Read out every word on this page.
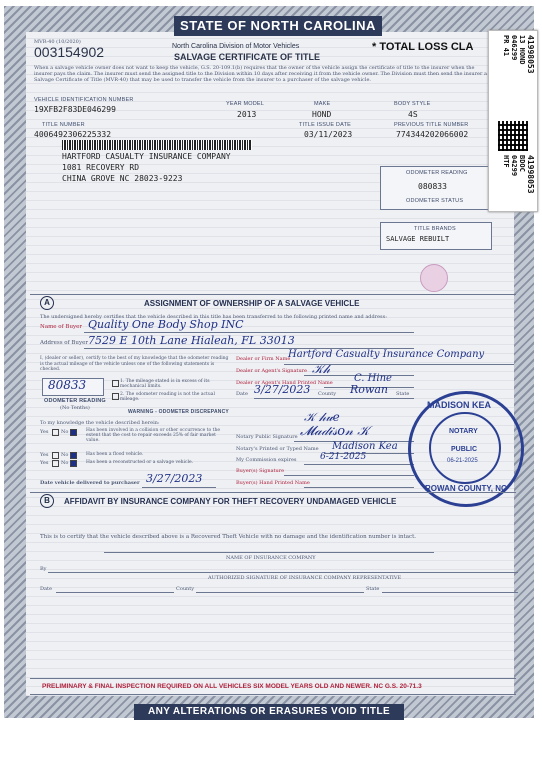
STATE OF NORTH CAROLINA
MVR-40 (10/2020)
003154902	North Carolina Division of Motor Vehicles
SALVAGE CERTIFICATE OF TITLE
* TOTAL LOSS CLA
When a salvage vehicle owner does not want to keep the vehicle, G.S. 20-109.1(b) requires that the owner of the vehicle assign the certificate of title to the insurer when the insurer pays the claim. The insurer must send the assigned title to the Division within 10 days after receiving it from the vehicle owner. The Division must then send the insurer a Salvage Certificate of Title (MVR-40) that may be used to transfer the vehicle from the insurer to a purchaser of the salvage vehicle.
VEHICLE IDENTIFICATION NUMBER
19XFB2F83DE046299
YEAR MODEL
2013
MAKE
HOND
BODY STYLE
4S
TITLE NUMBER
4006492306225332
TITLE ISSUE DATE
03/11/2023
PREVIOUS TITLE NUMBER
774344202066002
HARTFORD CASUALTY INSURANCE COMPANY
1081 RECOVERY RD
CHINA GROVE NC 28023-9223
ODOMETER READING
080833
ODOMETER STATUS
TITLE BRANDS
SALVAGE REBUILT
A	ASSIGNMENT OF OWNERSHIP OF A SALVAGE VEHICLE
The undersigned hereby certifies that the vehicle described in this title has been transferred to the following printed name and address:
Name of Buyer Quality One Body Shop INC
Address of Buyer 7529 E 10th Lane Hialeah, FL 33013
I, (dealer or seller), certify to the best of my knowledge that the odometer reading is the actual mileage of the vehicle unless one of the following statements is checked.
80833
ODOMETER READING
(No Tenths)
1. The mileage stated is in excess of its mechanical limits.
2. The odometer reading is not the actual mileage.
WARNING - ODOMETER DISCREPANCY
To my knowledge the vehicle described herein:
Yes	No	Has been involved in a collision or other occurrence to the extent that the cost to repair exceeds 25% of fair market value.
Yes	No	Has been a flood vehicle.
Yes	No	Has been a reconstructed or a salvage vehicle.
Dealer or Firm Name
Hartford Casualty Insurance Company
Dealer or Agent's Signature 𝒦𝒽
Dealer or Agent's Hand Printed Name C. Hine
Date 3/27/2023 County Rowan State
𝒦 𝒽𝓊𝑒
Notary Public Signature 𝓜𝒶𝒹𝒾𝓈𝑜𝓃 𝒦
Notary's Printed or Typed Name Madison Kea
My Commission expires	6-21-2025
Buyer(s) Signature
Buyer(s) Hand Printed Name
Date vehicle delivered to purchaser 3/27/2023
MADISON KEA
NOTARY
PUBLIC
06-21-2025
ROWAN COUNTY, NC
B	AFFIDAVIT BY INSURANCE COMPANY FOR THEFT RECOVERY UNDAMAGED VEHICLE
This is to certify that the vehicle described above is a Recovered Theft Vehicle with no damage and the identification number is intact.
NAME OF INSURANCE COMPANY
By
AUTHORIZED SIGNATURE OF INSURANCE COMPANY REPRESENTATIVE
Date	County	State
PRELIMINARY & FINAL INSPECTION REQUIRED ON ALL VEHICLES SIX MODEL YEARS OLD AND NEWER. NC G.S. 20-71.3
ANY ALTERATIONS OR ERASURES VOID TITLE
41998053
13 HOND
046299
PR 41
41998053
BDOC
04299
HTF
